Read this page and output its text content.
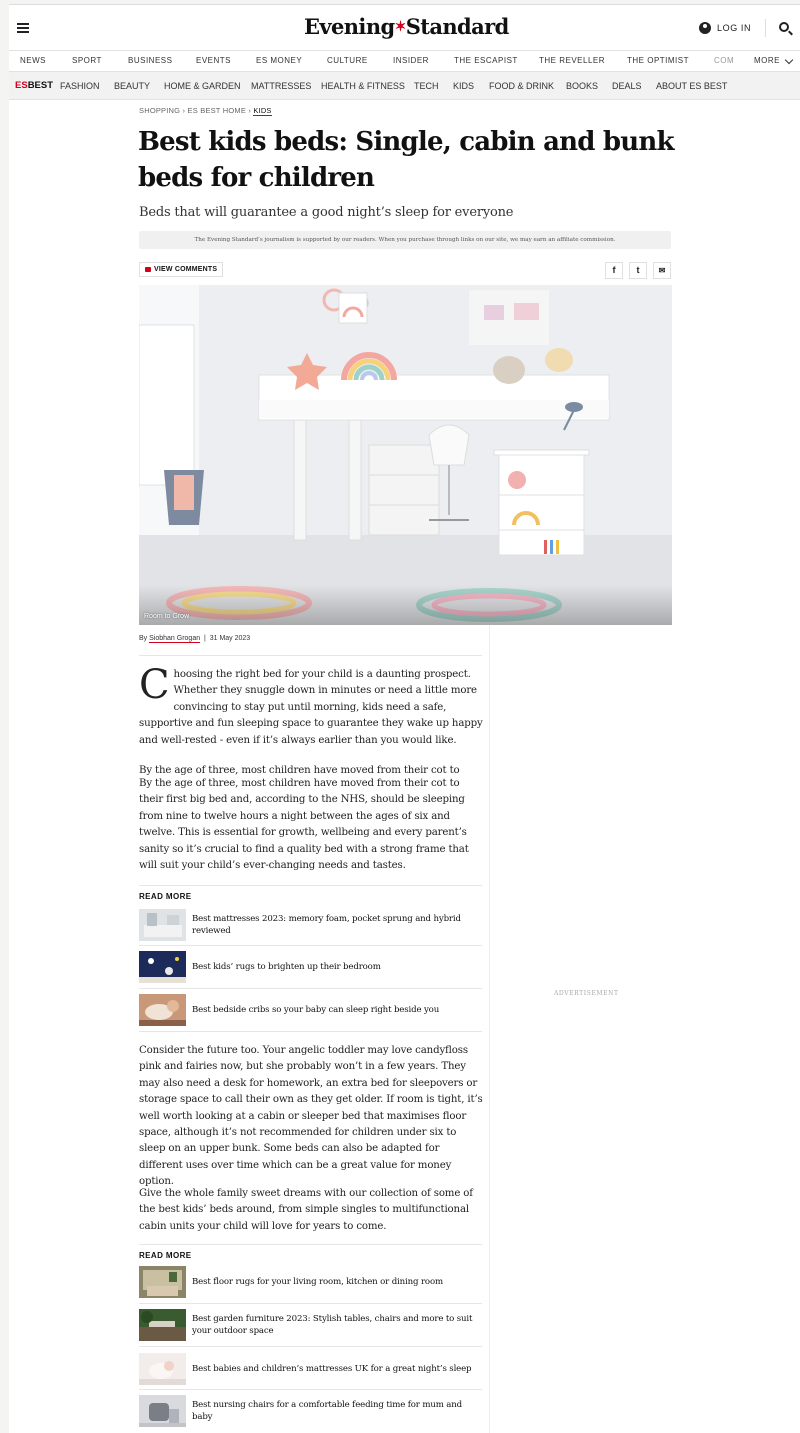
Evening✶Standard	LOG IN
NEWS	SPORT	BUSINESS	EVENTS	ES MONEY	CULTURE	INSIDER	THE ESCAPIST	THE REVELLER	THE OPTIMIST	COM MORE
ESBEST FASHION BEAUTY HOME & GARDEN MATTRESSES HEALTH & FITNESS TECH KIDS FOOD & DRINK BOOKS DEALS ABOUT ES BEST
SHOPPING › ES BEST HOME › KIDS
Best kids beds: Single, cabin and bunk beds for children
Beds that will guarantee a good night’s sleep for everyone
The Evening Standard’s journalism is supported by our readers. When you purchase through links on our site, we may earn an affiliate commission.
VIEW COMMENTS	f	t	✉
Room to Grow
By Siobhan Grogan | 31 May 2023
Choosing the right bed for your child is a daunting prospect. Whether they snuggle down in minutes or need a little more convincing to stay put until morning, kids need a safe, supportive and fun sleeping space to guarantee they wake up happy and well-rested - even if it’s always earlier than you would like.
By the age of three, most children have moved from their cot to
By the age of three, most children have moved from their cot to their first big bed and, according to the NHS, should be sleeping from nine to twelve hours a night between the ages of six and twelve. This is essential for growth, wellbeing and every parent’s sanity so it’s crucial to find a quality bed with a strong frame that will suit your child’s ever-changing needs and tastes.
READ MORE
Best mattresses 2023: memory foam, pocket sprung and hybrid reviewed
Best kids’ rugs to brighten up their bedroom
Best bedside cribs so your baby can sleep right beside you
Consider the future too. Your angelic toddler may love candyfloss pink and fairies now, but she probably won’t in a few years. They may also need a desk for homework, an extra bed for sleepovers or storage space to call their own as they get older. If room is tight, it’s well worth looking at a cabin or sleeper bed that maximises floor space, although it’s not recommended for children under six to sleep on an upper bunk. Some beds can also be adapted for different uses over time which can be a great value for money option.
Give the whole family sweet dreams with our collection of some of the best kids’ beds around, from simple singles to multifunctional cabin units your child will love for years to come.
READ MORE
Best floor rugs for your living room, kitchen or dining room
Best garden furniture 2023: Stylish tables, chairs and more to suit your outdoor space
Best babies and children’s mattresses UK for a great night’s sleep
Best nursing chairs for a comfortable feeding time for mum and baby
ADVERTISEMENT
